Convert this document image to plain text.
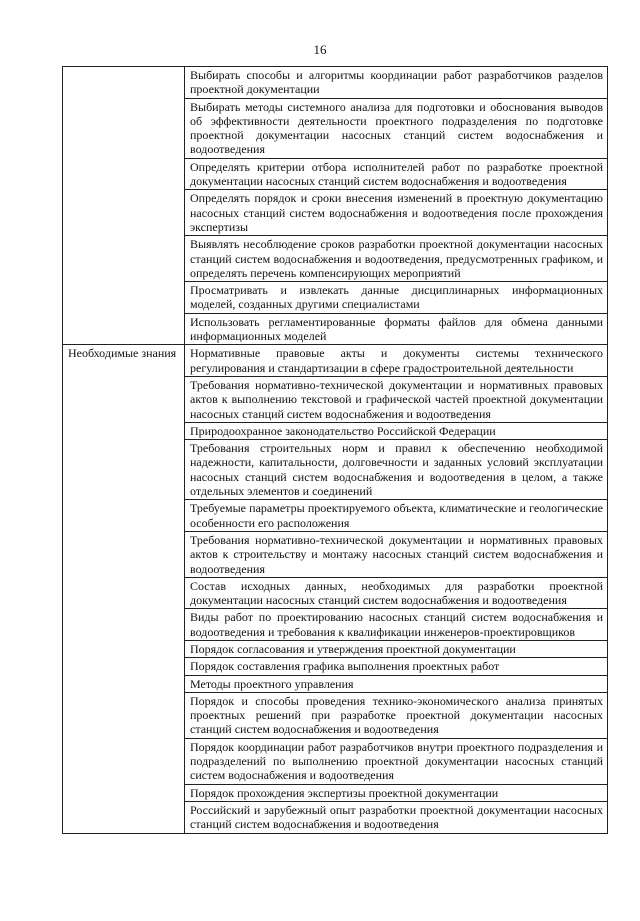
16
	Выбирать способы и алгоритмы координации работ разработчиков разделов проектной документации
	Выбирать методы системного анализа для подготовки и обоснования выводов об эффективности деятельности проектного подразделения по подготовке проектной документации насосных станций систем водоснабжения и водоотведения
	Определять критерии отбора исполнителей работ по разработке проектной документации насосных станций систем водоснабжения и водоотведения
	Определять порядок и сроки внесения изменений в проектную документацию насосных станций систем водоснабжения и водоотведения после прохождения экспертизы
	Выявлять несоблюдение сроков разработки проектной документации насосных станций систем водоснабжения и водоотведения, предусмотренных графиком, и определять перечень компенсирующих мероприятий
	Просматривать и извлекать данные дисциплинарных информационных моделей, созданных другими специалистами
	Использовать регламентированные форматы файлов для обмена данными информационных моделей
Необходимые знания	Нормативные правовые акты и документы системы технического регулирования и стандартизации в сфере градостроительной деятельности
	Требования нормативно-технической документации и нормативных правовых актов к выполнению текстовой и графической частей проектной документации насосных станций систем водоснабжения и водоотведения
	Природоохранное законодательство Российской Федерации
	Требования строительных норм и правил к обеспечению необходимой надежности, капитальности, долговечности и заданных условий эксплуатации насосных станций систем водоснабжения и водоотведения в целом, а также отдельных элементов и соединений
	Требуемые параметры проектируемого объекта, климатические и геологические особенности его расположения
	Требования нормативно-технической документации и нормативных правовых актов к строительству и монтажу насосных станций систем водоснабжения и водоотведения
	Состав исходных данных, необходимых для разработки проектной документации насосных станций систем водоснабжения и водоотведения
	Виды работ по проектированию насосных станций систем водоснабжения и водоотведения и требования к квалификации инженеров-проектировщиков
	Порядок согласования и утверждения проектной документации
	Порядок составления графика выполнения проектных работ
	Методы проектного управления
	Порядок и способы проведения технико-экономического анализа принятых проектных решений при разработке проектной документации насосных станций систем водоснабжения и водоотведения
	Порядок координации работ разработчиков внутри проектного подразделения и подразделений по выполнению проектной документации насосных станций систем водоснабжения и водоотведения
	Порядок прохождения экспертизы проектной документации
	Российский и зарубежный опыт разработки проектной документации насосных станций систем водоснабжения и водоотведения
